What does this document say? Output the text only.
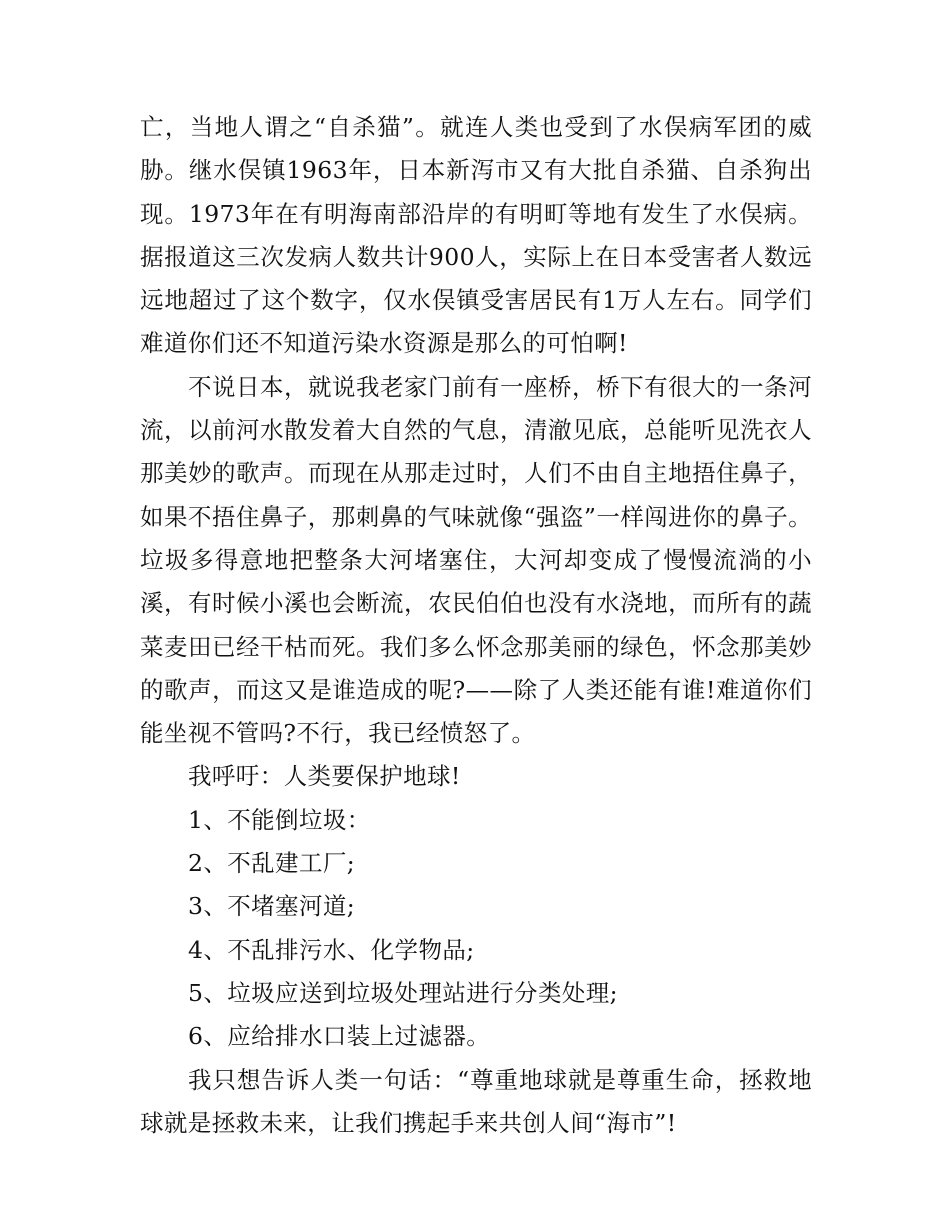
亡，当地人谓之“自杀猫”。就连人类也受到了水俣病军团的威胁。继水俣镇1963年，日本新泻市又有大批自杀猫、自杀狗出现。1973年在有明海南部沿岸的有明町等地有发生了水俣病。据报道这三次发病人数共计900人，实际上在日本受害者人数远远地超过了这个数字，仅水俣镇受害居民有1万人左右。同学们难道你们还不知道污染水资源是那么的可怕啊!

不说日本，就说我老家门前有一座桥，桥下有很大的一条河流，以前河水散发着大自然的气息，清澈见底，总能听见洗衣人那美妙的歌声。而现在从那走过时，人们不由自主地捂住鼻子，如果不捂住鼻子，那刺鼻的气味就像“强盗”一样闯进你的鼻子。垃圾多得意地把整条大河堵塞住，大河却变成了慢慢流淌的小溪，有时候小溪也会断流，农民伯伯也没有水浇地，而所有的蔬菜麦田已经干枯而死。我们多么怀念那美丽的绿色，怀念那美妙的歌声，而这又是谁造成的呢?——除了人类还能有谁!难道你们能坐视不管吗?不行，我已经愤怒了。

我呼吁：人类要保护地球!

1、不能倒垃圾：

2、不乱建工厂;

3、不堵塞河道;

4、不乱排污水、化学物品;

5、垃圾应送到垃圾处理站进行分类处理;

6、应给排水口装上过滤器。

我只想告诉人类一句话：“尊重地球就是尊重生命，拯救地球就是拯救未来，让我们携起手来共创人间“海市”!
